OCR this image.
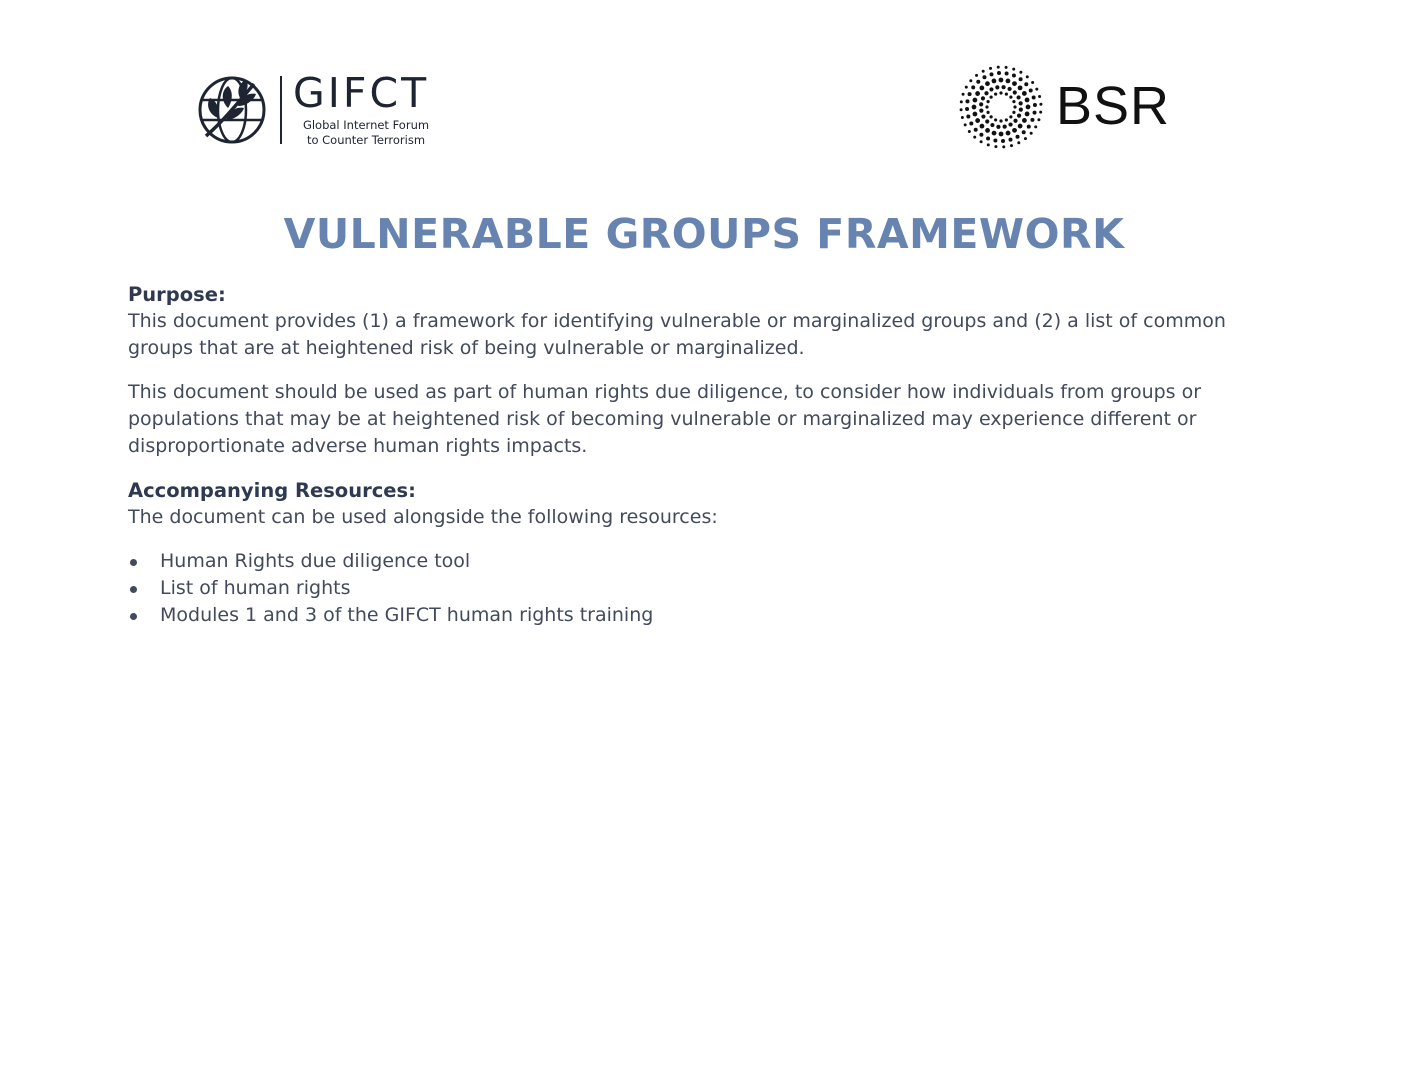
GIFCT
Global Internet Forum
to Counter Terrorism
BSR
VULNERABLE GROUPS FRAMEWORK

Purpose:

This document provides (1) a framework for identifying vulnerable or marginalized groups and (2) a list of common groups that are at heightened risk of being vulnerable or marginalized.

This document should be used as part of human rights due diligence, to consider how individuals from groups or populations that may be at heightened risk of becoming vulnerable or marginalized may experience different or disproportionate adverse human rights impacts.

Accompanying Resources:

The document can be used alongside the following resources:

Human Rights due diligence tool
List of human rights
Modules 1 and 3 of the GIFCT human rights training
